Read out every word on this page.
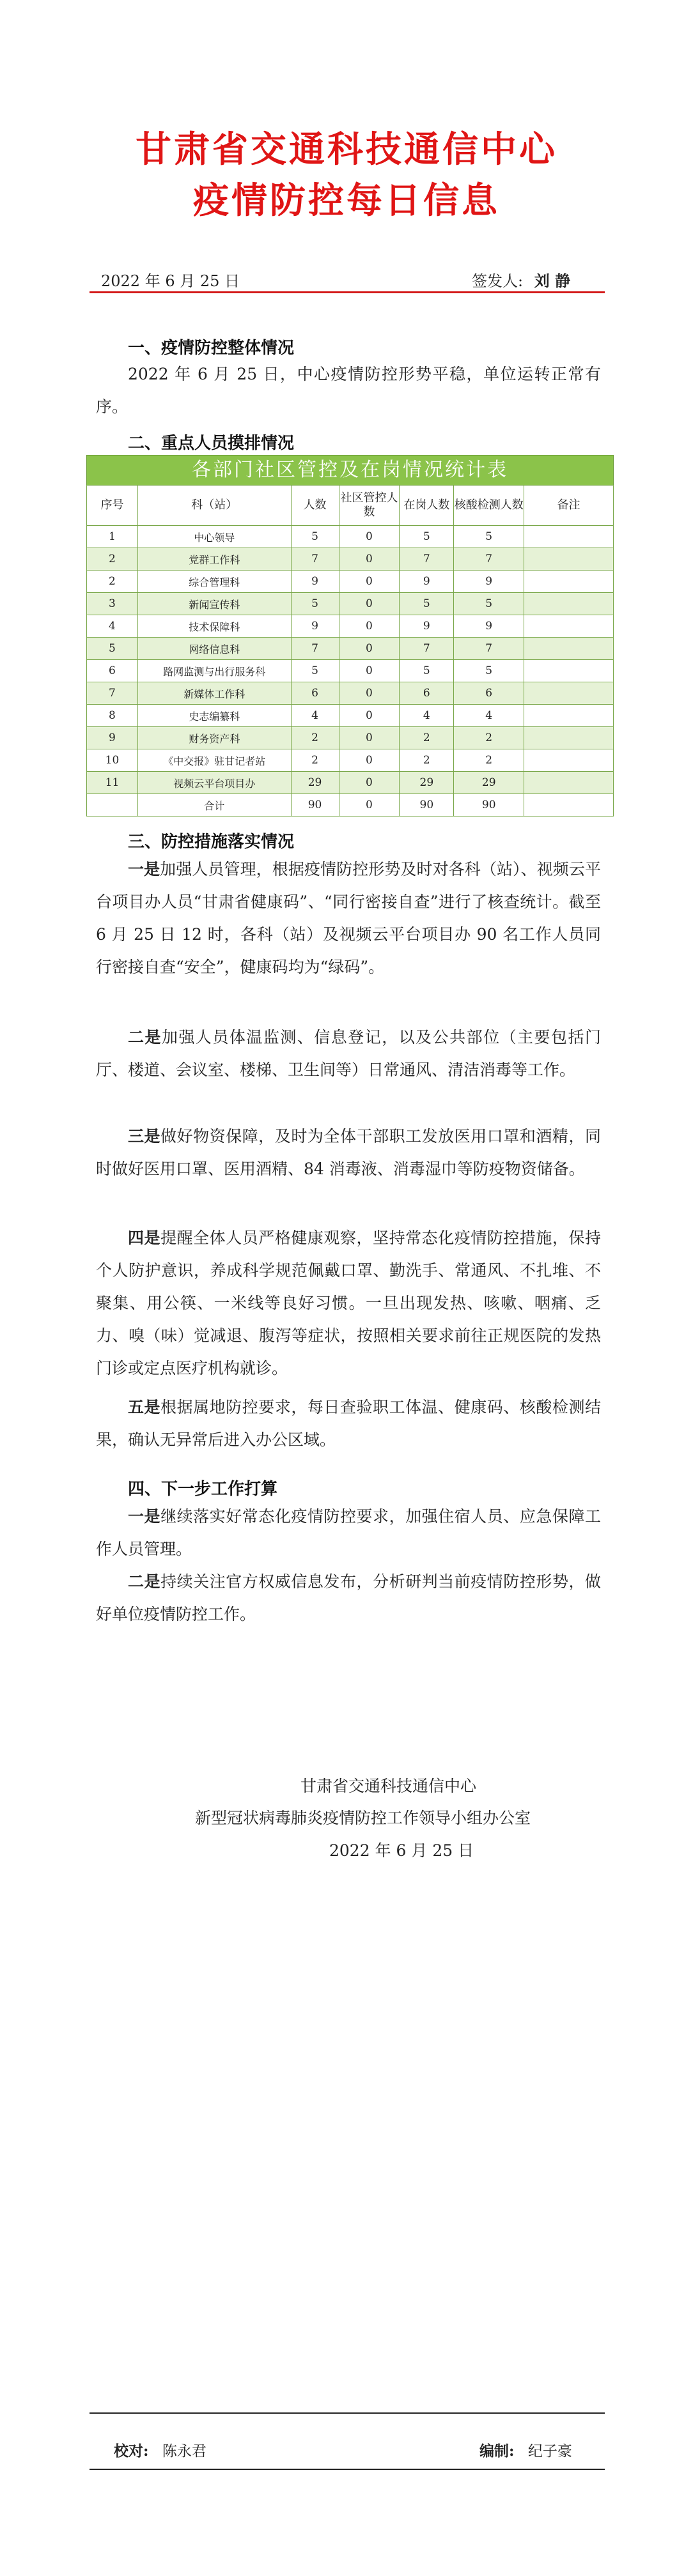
甘肃省交通科技通信中心
疫情防控每日信息
2022 年 6 月 25 日	签发人: 刘 静
一、疫情防控整体情况
2022 年 6 月 25 日，中心疫情防控形势平稳，单位运转正常有序。
二、重点人员摸排情况
各部门社区管控及在岗情况统计表
序号	科（站）	人数	社区管控人数	在岗人数	核酸检测人数	备注
1	中心领导	5	0	5	5	
2	党群工作科	7	0	7	7	
2	综合管理科	9	0	9	9	
3	新闻宣传科	5	0	5	5	
4	技术保障科	9	0	9	9	
5	网络信息科	7	0	7	7	
6	路网监测与出行服务科	5	0	5	5	
7	新媒体工作科	6	0	6	6	
8	史志编纂科	4	0	4	4	
9	财务资产科	2	0	2	2	
10	《中交报》驻甘记者站	2	0	2	2	
11	视频云平台项目办	29	0	29	29	
	合计	90	0	90	90	
三、防控措施落实情况
一是加强人员管理，根据疫情防控形势及时对各科（站）、视频云平台项目办人员“甘肃省健康码”、“同行密接自查”进行了核查统计。截至 6 月 25 日 12 时，各科（站）及视频云平台项目办 90 名工作人员同行密接自查“安全”，健康码均为“绿码”。
二是加强人员体温监测、信息登记，以及公共部位（主要包括门厅、楼道、会议室、楼梯、卫生间等）日常通风、清洁消毒等工作。
三是做好物资保障，及时为全体干部职工发放医用口罩和酒精，同时做好医用口罩、医用酒精、84 消毒液、消毒湿巾等防疫物资储备。
四是提醒全体人员严格健康观察，坚持常态化疫情防控措施，保持个人防护意识，养成科学规范佩戴口罩、勤洗手、常通风、不扎堆、不聚集、用公筷、一米线等良好习惯。一旦出现发热、咳嗽、咽痛、乏力、嗅（味）觉减退、腹泻等症状，按照相关要求前往正规医院的发热门诊或定点医疗机构就诊。
五是根据属地防控要求，每日查验职工体温、健康码、核酸检测结果，确认无异常后进入办公区域。
四、下一步工作打算
一是继续落实好常态化疫情防控要求，加强住宿人员、应急保障工作人员管理。
二是持续关注官方权威信息发布，分析研判当前疫情防控形势，做好单位疫情防控工作。
甘肃省交通科技通信中心
新型冠状病毒肺炎疫情防控工作领导小组办公室
2022 年 6 月 25 日
校对: 陈永君	编制: 纪子豪
